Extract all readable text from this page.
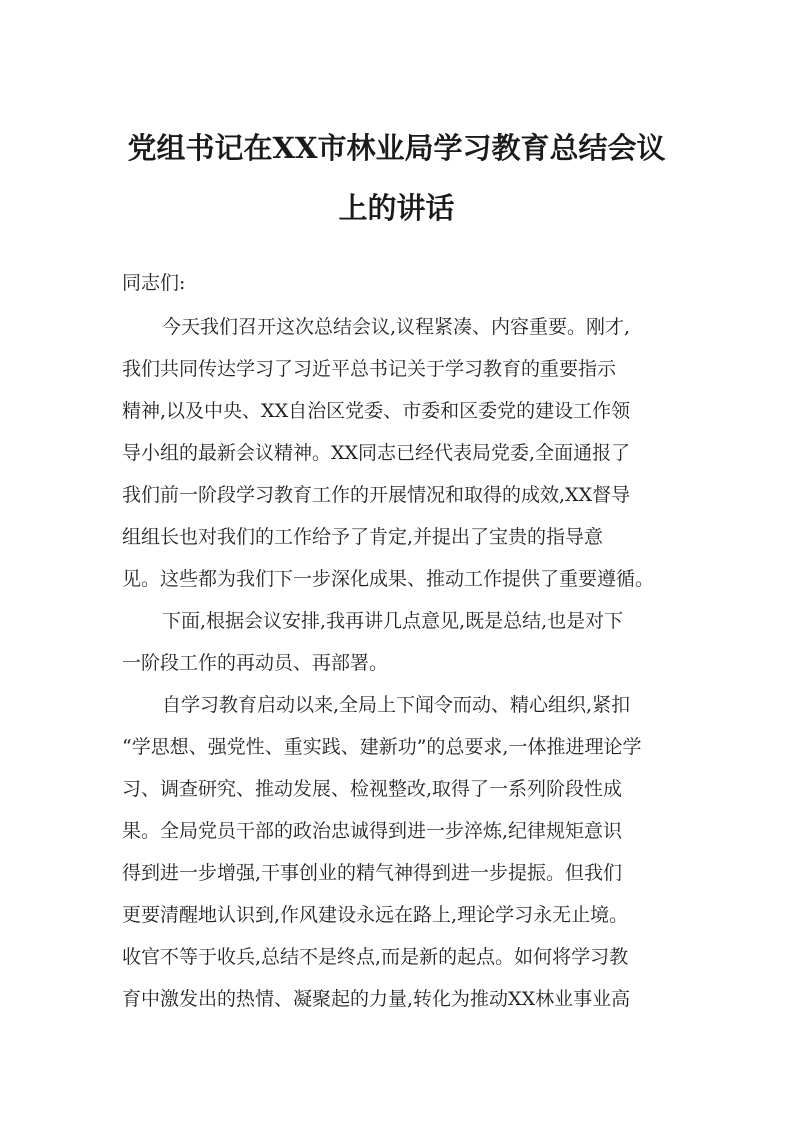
党组书记在XX市林业局学习教育总结会议
上的讲话
同志们:
今天我们召开这次总结会议,议程紧凑、内容重要。刚才,
我们共同传达学习了习近平总书记关于学习教育的重要指示
精神,以及中央、XX自治区党委、市委和区委党的建设工作领
导小组的最新会议精神。XX同志已经代表局党委,全面通报了
我们前一阶段学习教育工作的开展情况和取得的成效,XX督导
组组长也对我们的工作给予了肯定,并提出了宝贵的指导意
见。这些都为我们下一步深化成果、推动工作提供了重要遵循。
下面,根据会议安排,我再讲几点意见,既是总结,也是对下
一阶段工作的再动员、再部署。
自学习教育启动以来,全局上下闻令而动、精心组织,紧扣
“学思想、强党性、重实践、建新功”的总要求,一体推进理论学
习、调查研究、推动发展、检视整改,取得了一系列阶段性成
果。全局党员干部的政治忠诚得到进一步淬炼,纪律规矩意识
得到进一步增强,干事创业的精气神得到进一步提振。但我们
更要清醒地认识到,作风建设永远在路上,理论学习永无止境。
收官不等于收兵,总结不是终点,而是新的起点。如何将学习教
育中激发出的热情、凝聚起的力量,转化为推动XX林业事业高
